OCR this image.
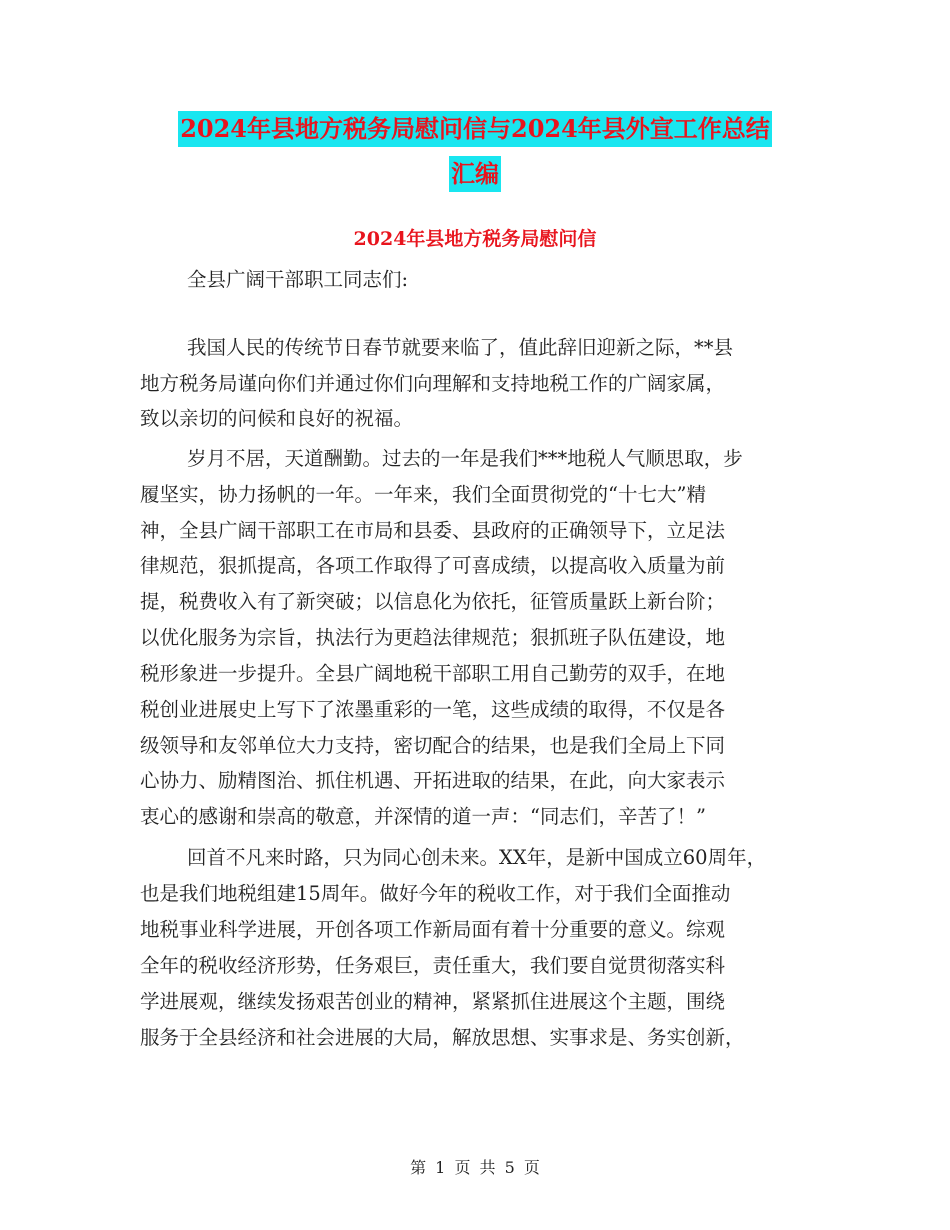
2024年县地方税务局慰问信与2024年县外宣工作总结
汇编
2024年县地方税务局慰问信
全县广阔干部职工同志们:
我国人民的传统节日春节就要来临了，值此辞旧迎新之际，**县
地方税务局谨向你们并通过你们向理解和支持地税工作的广阔家属，
致以亲切的问候和良好的祝福。
岁月不居，天道酬勤。过去的一年是我们***地税人气顺思取，步
履坚实，协力扬帆的一年。一年来，我们全面贯彻党的“十七大”精
神，全县广阔干部职工在市局和县委、县政府的正确领导下，立足法
律规范，狠抓提高，各项工作取得了可喜成绩，以提高收入质量为前
提，税费收入有了新突破；以信息化为依托，征管质量跃上新台阶；
以优化服务为宗旨，执法行为更趋法律规范；狠抓班子队伍建设，地
税形象进一步提升。全县广阔地税干部职工用自己勤劳的双手，在地
税创业进展史上写下了浓墨重彩的一笔，这些成绩的取得，不仅是各
级领导和友邻单位大力支持，密切配合的结果，也是我们全局上下同
心协力、励精图治、抓住机遇、开拓进取的结果，在此，向大家表示
衷心的感谢和崇高的敬意，并深情的道一声：“同志们，辛苦了！”
回首不凡来时路，只为同心创未来。XX年，是新中国成立60周年，
也是我们地税组建15周年。做好今年的税收工作，对于我们全面推动
地税事业科学进展，开创各项工作新局面有着十分重要的意义。综观
全年的税收经济形势，任务艰巨，责任重大，我们要自觉贯彻落实科
学进展观，继续发扬艰苦创业的精神，紧紧抓住进展这个主题，围绕
服务于全县经济和社会进展的大局，解放思想、实事求是、务实创新，
第 1 页 共 5 页
